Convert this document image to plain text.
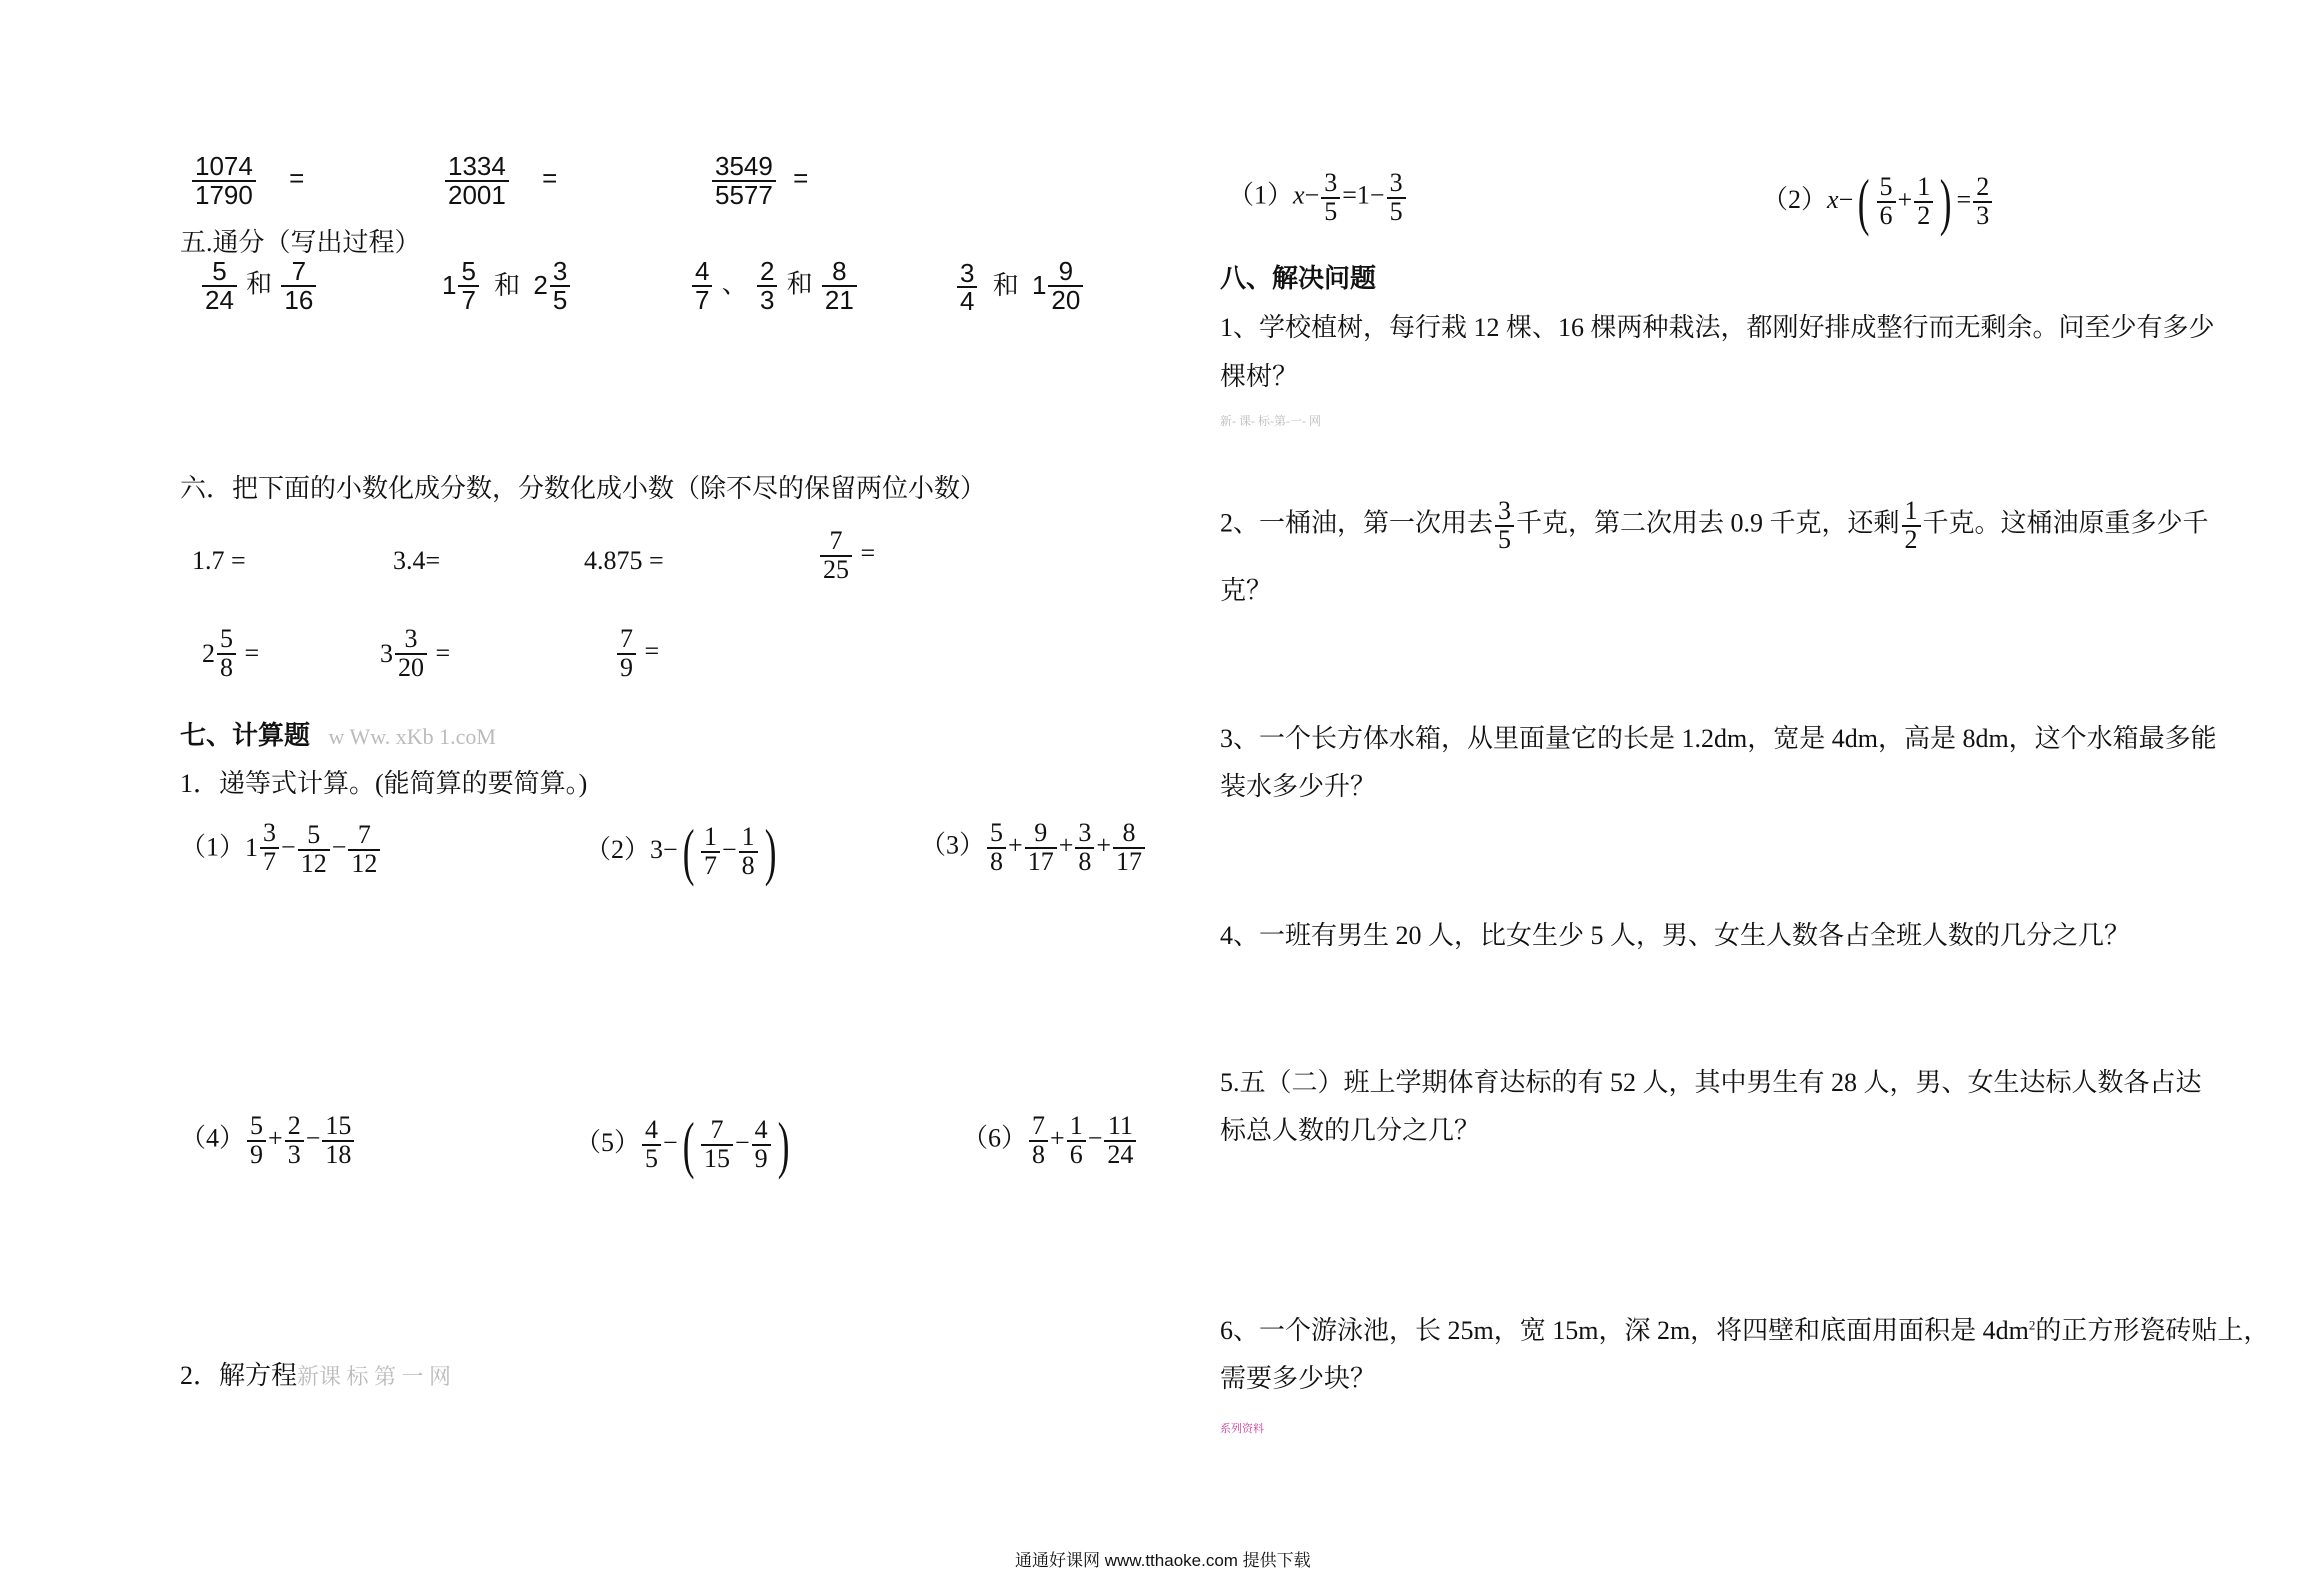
$\frac{1074}{1790}$ =	$\frac{1334}{2001}$ =	$\frac{3549}{5577}$ =
五.通分（写出过程）
$\frac{5}{24}$ 和 $\frac{7}{16}$	$1 \frac{5}{7}$ 和 $2 \frac{3}{5}$	$\frac{4}{7}$ 、 $\frac{2}{3}$ 和 $\frac{8}{21}$	$\frac{3}{4}$ 和 $1 \frac{9}{20}$
六．把下面的小数化成分数，分数化成小数（除不尽的保留两位小数）
1.7 =	3.4=	4.875 =	$\frac{7}{25}$ =
$2 \frac{5}{8}$ =	$3 \frac{3}{20}$ =	$\frac{7}{9}$ =
七、计算题 w Ww. xKb 1.coM
1．递等式计算。(能简算的要简算。)
（1） $1 \frac{3}{7} - \frac{5}{12} - \frac{7}{12}$	$(2)3-( \frac{1}{7} - \frac{1}{8}$ )	$(3) \frac{5}{8} + \frac{9}{17} + \frac{3}{8} + \frac{8}{17}$
$(4) \frac{5}{9} + \frac{2}{3} - \frac{15}{18}$	$(5) \frac{4}{5}$ −( $\frac{7}{15} - \frac{4}{9}$ )	$(6) \frac{7}{8} + \frac{1}{6} - \frac{11}{24}$
2．解方程新课 标 第 一 网
$(1)x- \frac{3}{5} =1- \frac{3}{5}$	$(2)x-( \frac{5}{6} + \frac{1}{2}$ ) = $\frac{2}{3}$
八、解决问题
1、学校植树，每行栽 12 棵、16 棵两种栽法，都刚好排成整行而无剩余。问至少有多少
棵树？
新- 课- 标-第-一- 网
2、一桶油，第一次用去 $\frac{3}{5}$ 千克，第二次用去 0.9 千克，还剩 $\frac{1}{2}$ 千克。这桶油原重多少千
克？
3、一个长方体水箱，从里面量它的长是 1.2dm，宽是 4dm，高是 8dm，这个水箱最多能
装水多少升？
4、一班有男生 20 人，比女生少 5 人，男、女生人数各占全班人数的几分之几？
5.五（二）班上学期体育达标的有 52 人，其中男生有 28 人，男、女生达标人数各占达
标总人数的几分之几？
6、一个游泳池，长 25m，宽 15m，深 2m，将四壁和底面用面积是 $4dm^2$的正方形瓷砖贴上，
需要多少块？
系列资料
通通好课网 www.tthaoke.com 提供下载
